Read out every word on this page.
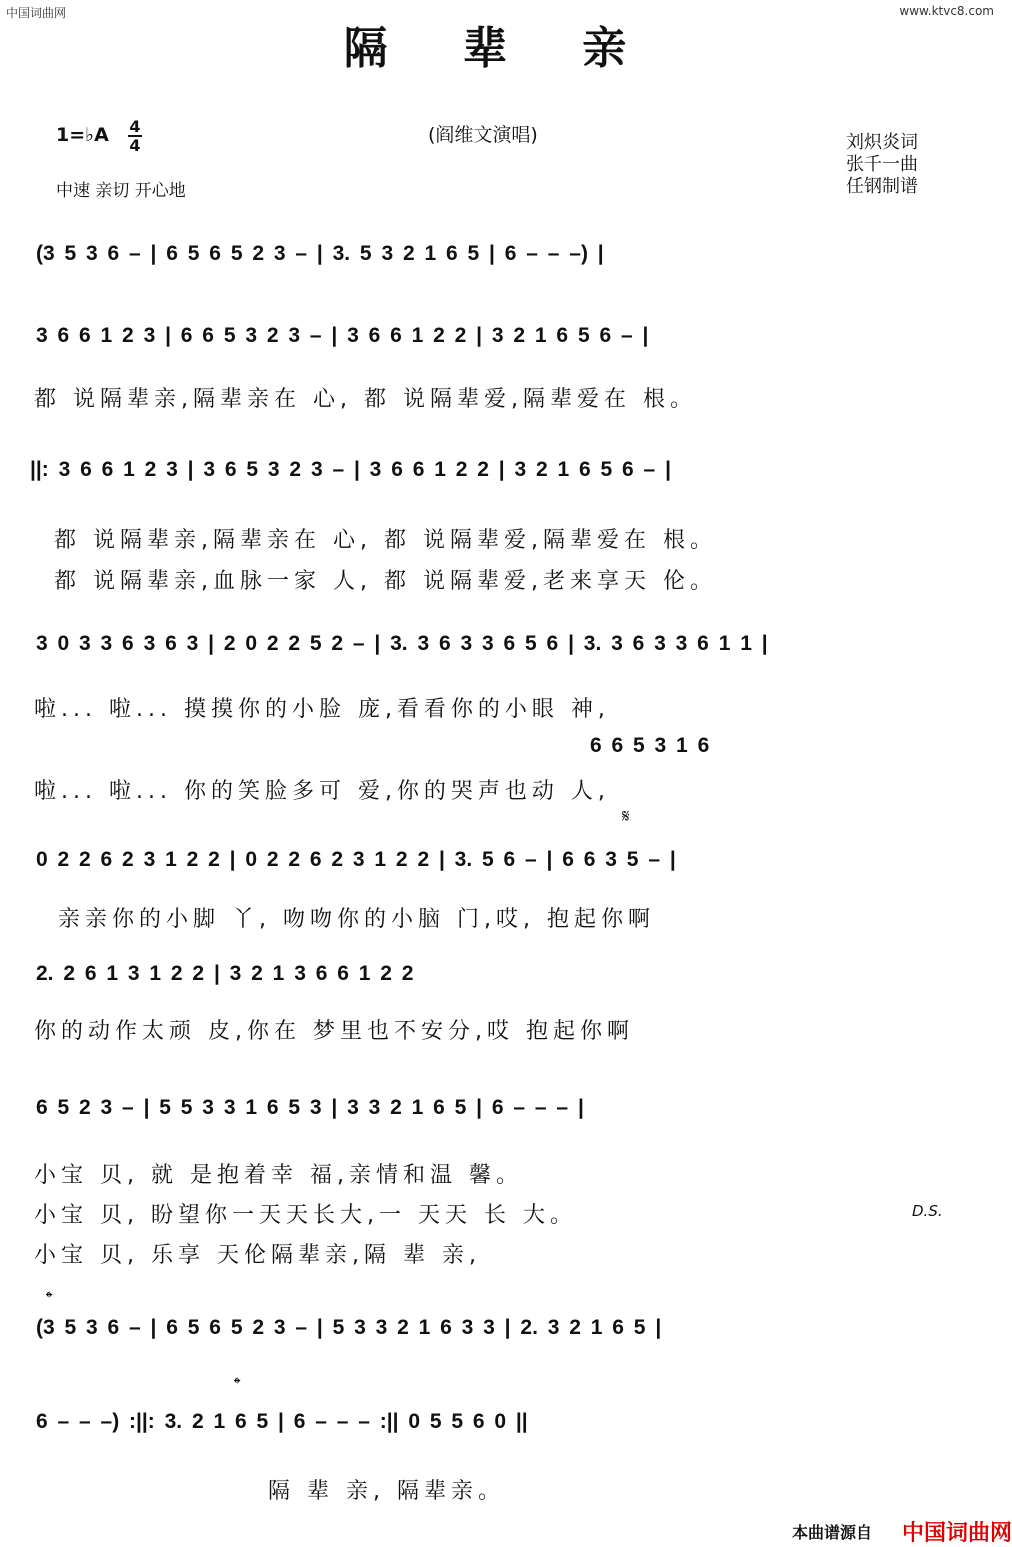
中国词曲网	www.ktvc8.com
隔 辈 亲
1=♭A 4
4
中速 亲切 开心地
(阎维文演唱)	刘炽炎词
张千一曲
任钢制谱
(3 5 3 6 – | 6 5 6 5 2 3 – | 3. 5 3 2 1 6 5 | 6 – – –) |
3 6 6 1 2 3 | 6 6 5 3 2 3 – | 3 6 6 1 2 2 | 3 2 1 6 5 6 – |
都 说隔辈亲,隔辈亲在 心, 都 说隔辈爱,隔辈爱在 根。
||: 3 6 6 1 2 3 | 3 6 5 3 2 3 – | 3 6 6 1 2 2 | 3 2 1 6 5 6 – |
都 说隔辈亲,隔辈亲在 心, 都 说隔辈爱,隔辈爱在 根。
都 说隔辈亲,血脉一家 人, 都 说隔辈爱,老来享天 伦。
3 0 3 3 6 3 6 3 | 2 0 2 2 5 2 – | 3. 3 6 3 3 6 5 6 | 3. 3 6 3 3 6 1 1 |
啦... 啦... 摸摸你的小脸 庞,看看你的小眼 神,
6 6 5 3 1 6
啦... 啦... 你的笑脸多可 爱,你的哭声也动 人,
𝄋
0 2 2 6 2 3 1 2 2 | 0 2 2 6 2 3 1 2 2 | 3. 5 6 – | 6 6 3 5 – |
亲亲你的小脚 丫, 吻吻你的小脑 门,哎, 抱起你啊
2. 2 6 1 3 1 2 2 | 3 2 1 3 6 6 1 2 2
你的动作太顽 皮,你在 梦里也不安分,哎 抱起你啊
6 5 2 3 – | 5 5 3 3 1 6 5 3 | 3 3 2 1 6 5 | 6 – – – |
小宝 贝, 就 是抱着幸 福,亲情和温 馨。
小宝 贝, 盼望你一天天长大,一 天天 长 大。
小宝 贝, 乐享 天伦隔辈亲,隔 辈 亲,
D.S.
𝄌
(3 5 3 6 – | 6 5 6 5 2 3 – | 5 3 3 2 1 6 3 3 | 2. 3 2 1 6 5 |
𝄌
6 – – –) :||: 3. 2 1 6 5 | 6 – – – :|| 0 5 5 6 0 ||
隔 辈 亲, 隔辈亲。
本曲谱源自 中国词曲网
